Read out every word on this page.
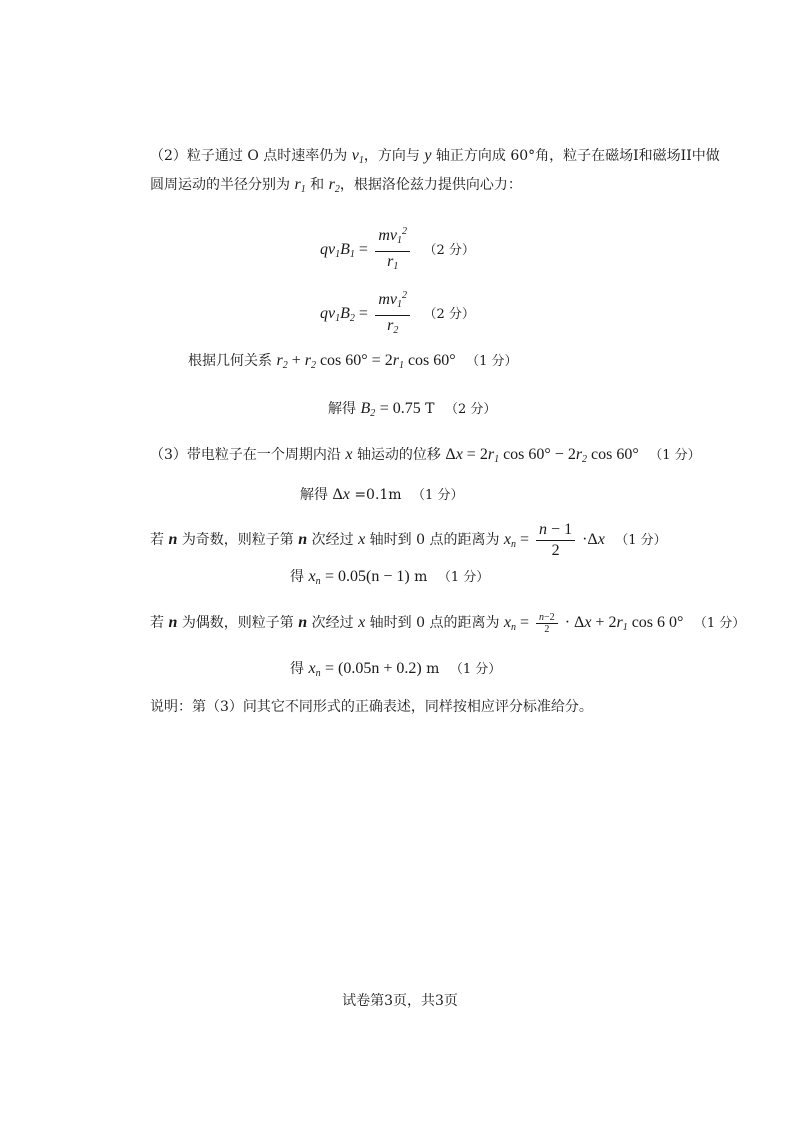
（2）粒子通过 O 点时速率仍为 $v_1$，方向与 y 轴正方向成 60°角，粒子在磁场I和磁场II中做
圆周运动的半径分别为 $r_1$ 和 $r_2$，根据洛伦兹力提供向心力：
$qv_1B_1 = \frac{mv_1^2}{r_1} (2$ 分）
$qv_1B_2 = \frac{mv_1^2}{r_2} (2$ 分）
根据几何关系 $r_2 + r_2$ $\cos 60^\circ = 2r_1$ cos 60° （1 分）
解得 $B_2 = 0.75$ T （2 分）
（3）带电粒子在一个周期内沿 x 轴运动的位移 $\Delta x = 2r_1$ $\cos 60^\circ - 2r_2$ cos 60° （1 分）
解得 Δx =0.1m （1 分）
若 n 为奇数，则粒子第 n 次经过 x 轴时到 0 点的距离为 $x_n = \frac{n - 1}{2} \cdot\Delta x$ （1 分）
得 $x_n = 0.05(n - 1)$ m （1 分）
若 n 为偶数，则粒子第 n 次经过 x 轴时到 0 点的距离为 $x_n = \frac{n-2}{2} \cdot \Delta x + 2r_1$ cos 6 0° （1 分）
得 $x_n = (0.05n + 0.2)$ m （1 分）
说明：第（3）问其它不同形式的正确表述，同样按相应评分标准给分。
试卷第3页，共3页
